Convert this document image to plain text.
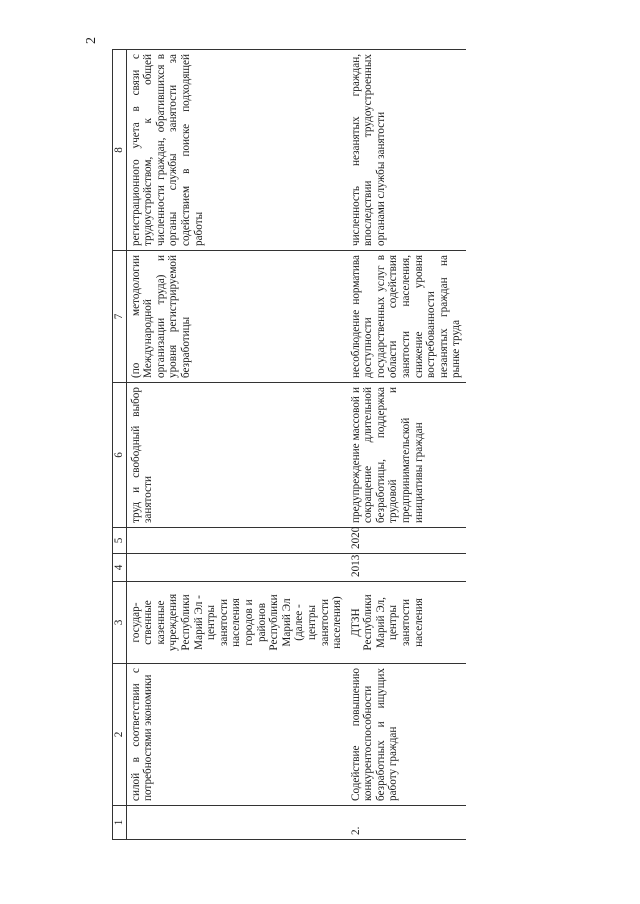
2
1	2	3	4	5	6	7	8
	силой в соответствии с потребностями экономики	государ-ственные казенные учреждения Республики Марий Эл - центры занятости населения городов и районов Республики Марий Эл (далее - центры занятости населения)			труд и свободный выбор занятости	(по методологии Международной организации труда) и уровня регистрируемой безработицы	регистрационного учета в связи с трудоустройством, к общей численности граждан, обратившихся в органы службы занятости за содействием в поиске подходящей работы
2.	Содействие повышению конкурентоспособности безработных и ищущих работу граждан	ДТЗН Республики Марий Эл, центры занятости населения	2013	2020	предупреждение массовой и сокращение длительной безработицы, поддержка трудовой и предпринимательской инициативы граждан	несоблюдение норматива доступности государственных услуг в области содействия занятости населения, снижение уровня востребованности незанятых граждан на рынке труда	численность незанятых граждан, впоследствии трудоустроенных органами службы занятости
